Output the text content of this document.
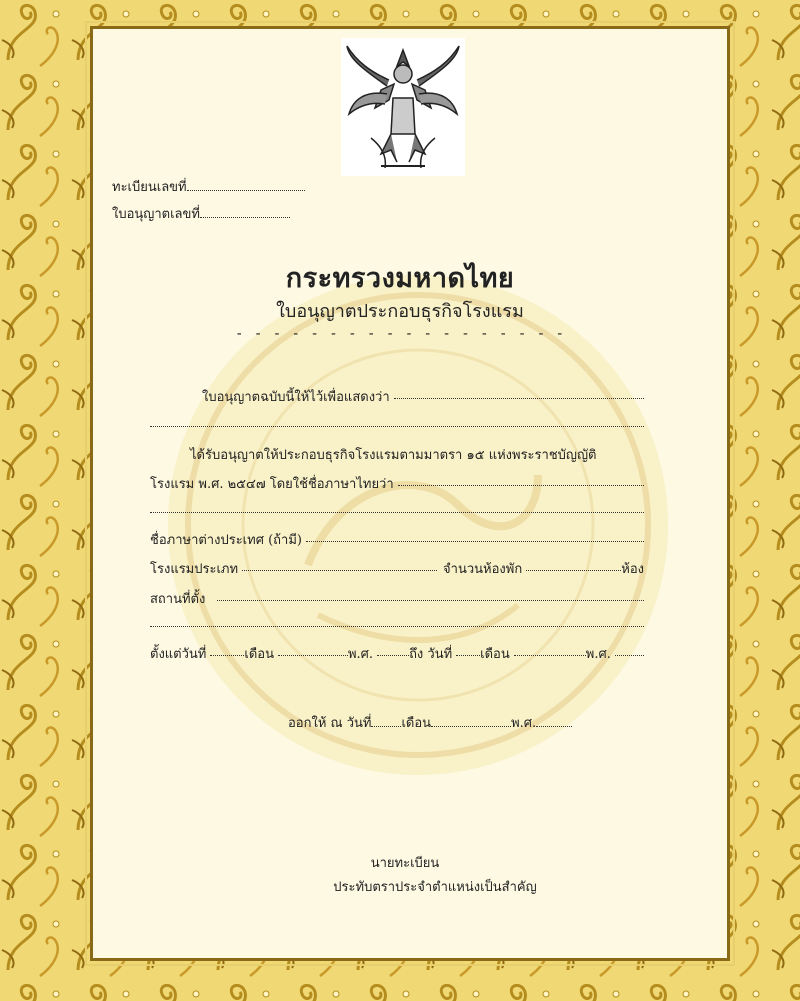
ทะเบียนเลขที่
ใบอนุญาตเลขที่
กระทรวงมหาดไทย
ใบอนุญาตประกอบธุรกิจโรงแรม
- - - - - - - - - - - - - - - - - -
ใบอนุญาตฉบับนี้ให้ไว้เพื่อแสดงว่า
ได้รับอนุญาตให้ประกอบธุรกิจโรงแรมตามมาตรา ๑๕ แห่งพระราชบัญญัติ
โรงแรม พ.ศ. ๒๕๔๗ โดยใช้ชื่อภาษาไทยว่า
ชื่อภาษาต่างประเทศ (ถ้ามี)
โรงแรมประเภท	จำนวนห้องพัก	ห้อง
สถานที่ตั้ง
ตั้งแต่วันที่	เดือน	พ.ศ.	ถึง วันที่ เดือน	พ.ศ.
ออกให้ ณ วันที่ เดือน	พ.ศ.
นายทะเบียน
ประทับตราประจำตำแหน่งเป็นสำคัญ
